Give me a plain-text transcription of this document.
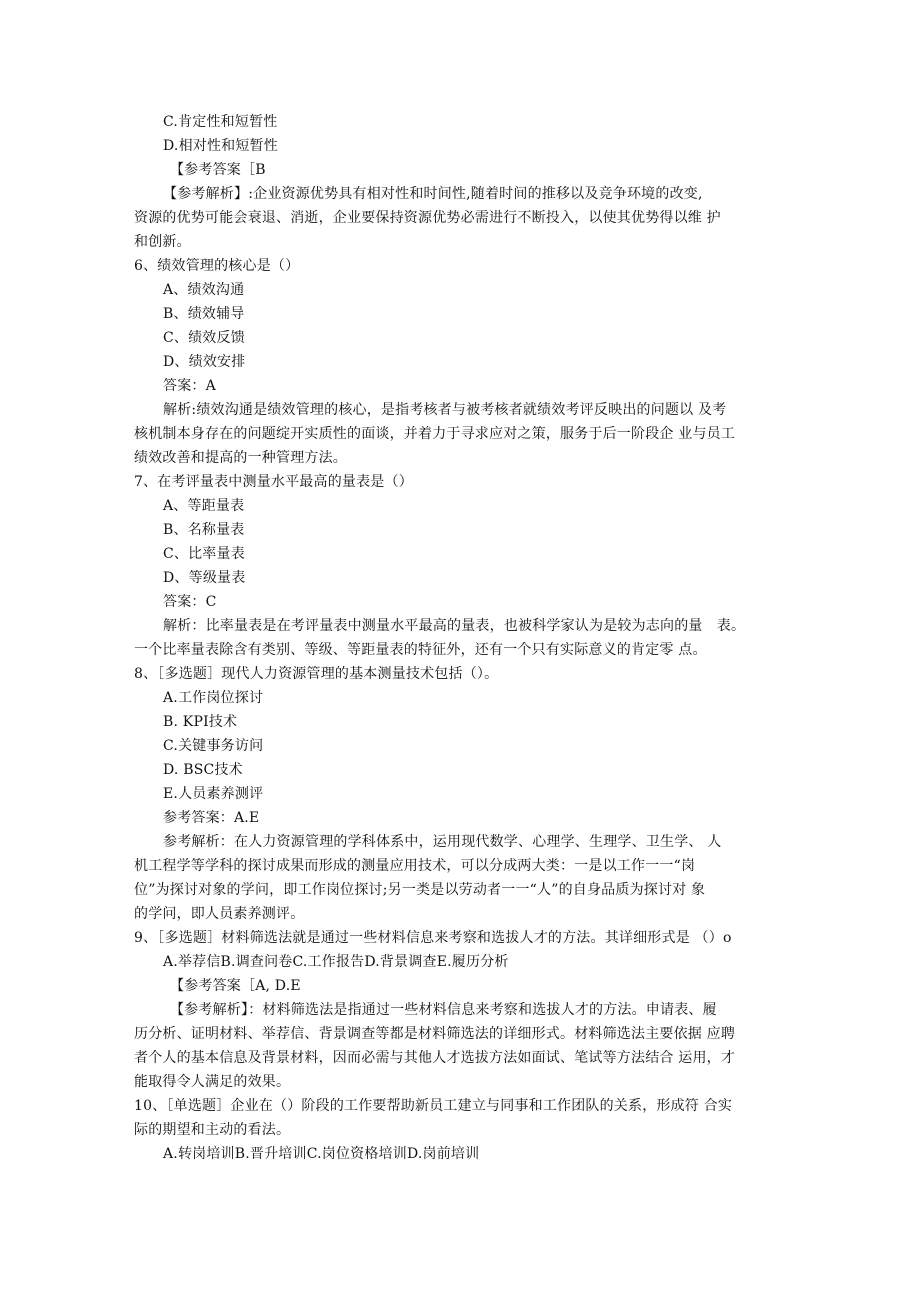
C.肯定性和短暂性
D.相对性和短暂性
【参考答案［B
【参考解析】:企业资源优势具有相对性和时间性,随着时间的推移以及竞争环境的改变,
资源的优势可能会衰退、消逝，企业要保持资源优势必需进行不断投入，以使其优势得以维 护
和创新。
6、绩效管理的核心是（）
A、绩效沟通
B、绩效辅导
C、绩效反馈
D、绩效安排
答案：A
解析:绩效沟通是绩效管理的核心，是指考核者与被考核者就绩效考评反映出的问题以 及考
核机制本身存在的问题绽开实质性的面谈，并着力于寻求应对之策，服务于后一阶段企 业与员工
绩效改善和提高的一种管理方法。
7、在考评量表中测量水平最高的量表是（）
A、等距量表
B、名称量表
C、比率量表
D、等级量表
答案：C
解析：比率量表是在考评量表中测量水平最高的量表，也被科学家认为是较为志向的量　表。
一个比率量表除含有类别、等级、等距量表的特征外，还有一个只有实际意义的肯定零 点。
8、［多选题］现代人力资源管理的基本测量技术包括（）。
A.工作岗位探讨
B. KPI技术
C.关键事务访问
D. BSC技术
E.人员素养测评
参考答案：A.E
参考解析：在人力资源管理的学科体系中，运用现代数学、心理学、生理学、卫生学、 人
机工程学等学科的探讨成果而形成的测量应用技术，可以分成两大类：一是以工作一一“岗
位”为探讨对象的学问，即工作岗位探讨;另一类是以劳动者一一“人”的自身品质为探讨对 象
的学问，即人员素养测评。
9、［多选题］材料筛选法就是通过一些材料信息来考察和选拔人才的方法。其详细形式是 （）o
A.举荐信B.调查问卷C.工作报告D.背景调查E.履历分析
【参考答案［A, D.E
【参考解析】：材料筛选法是指通过一些材料信息来考察和选拔人才的方法。申请表、履
历分析、证明材料、举荐信、背景调查等都是材料筛选法的详细形式。材料筛选法主要依据 应聘
者个人的基本信息及背景材料，因而必需与其他人才选拔方法如面试、笔试等方法结合 运用，才
能取得令人满足的效果。
10、［单选题］企业在（）阶段的工作要帮助新员工建立与同事和工作团队的关系，形成符 合实
际的期望和主动的看法。
A.转岗培训B.晋升培训C.岗位资格培训D.岗前培训
